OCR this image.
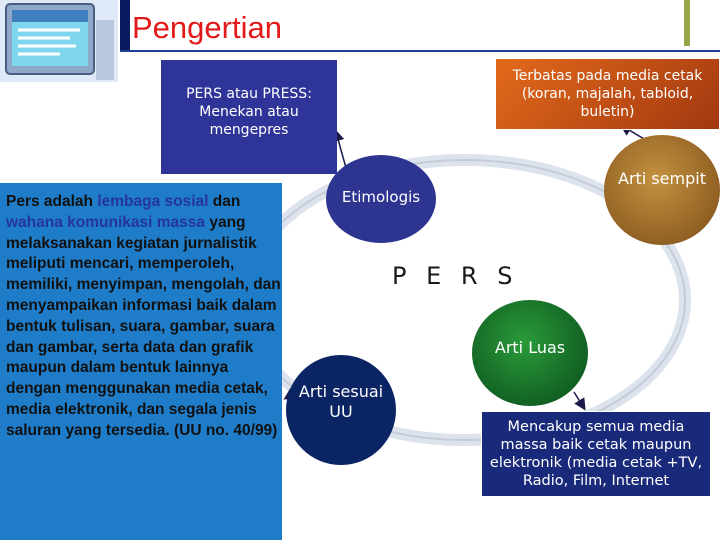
Pengertian
PERS atau PRESS: Menekan atau mengepres
Terbatas pada media cetak (koran, majalah, tabloid, buletin)
Pers adalah lembaga sosial dan wahana komunikasi massa yang melaksanakan kegiatan jurnalistik meliputi mencari, memperoleh, memiliki, menyimpan, mengolah, dan menyampaikan informasi baik dalam bentuk tulisan, suara, gambar, suara dan gambar, serta data dan grafik maupun dalam bentuk lainnya dengan menggunakan media cetak, media elektronik, dan segala jenis saluran yang tersedia. (UU no. 40/99)
Etimologis
Arti sempit
P E R S
Arti Luas
Arti sesuai UU
Mencakup semua media massa baik cetak maupun elektronik (media cetak +TV, Radio, Film, Internet
